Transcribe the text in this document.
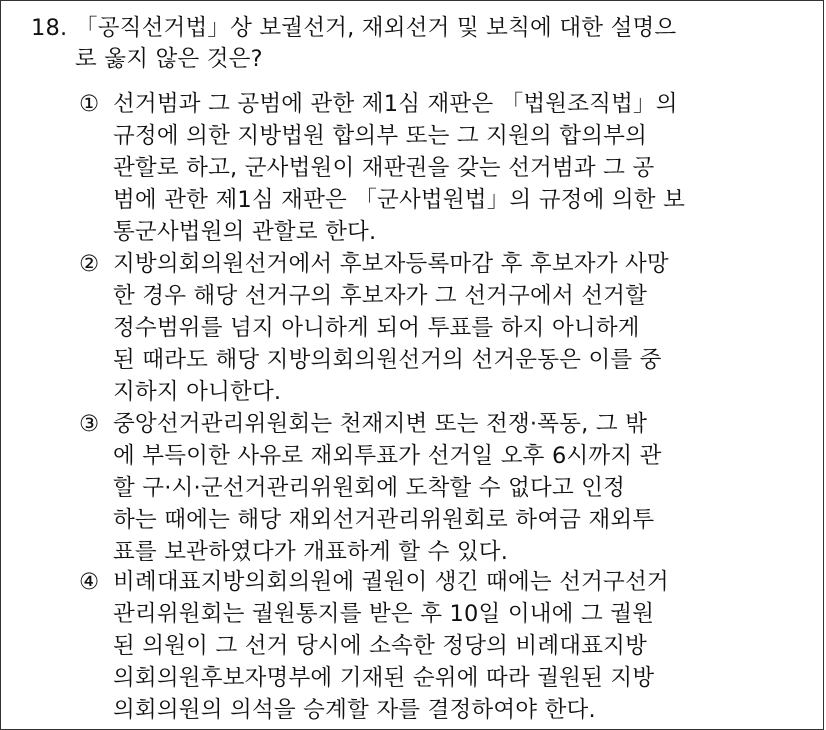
18. 「공직선거법」상 보궐선거, 재외선거 및 보칙에 대한 설명으
로 옳지 않은 것은?
① 선거범과 그 공범에 관한 제1심 재판은 「법원조직법」의
규정에 의한 지방법원 합의부 또는 그 지원의 합의부의
관할로 하고, 군사법원이 재판권을 갖는 선거범과 그 공
범에 관한 제1심 재판은 「군사법원법」의 규정에 의한 보
통군사법원의 관할로 한다.
② 지방의회의원선거에서 후보자등록마감 후 후보자가 사망
한 경우 해당 선거구의 후보자가 그 선거구에서 선거할
정수범위를 넘지 아니하게 되어 투표를 하지 아니하게
된 때라도 해당 지방의회의원선거의 선거운동은 이를 중
지하지 아니한다.
③ 중앙선거관리위원회는 천재지변 또는 전쟁·폭동, 그 밖
에 부득이한 사유로 재외투표가 선거일 오후 6시까지 관
할 구·시·군선거관리위원회에 도착할 수 없다고 인정
하는 때에는 해당 재외선거관리위원회로 하여금 재외투
표를 보관하였다가 개표하게 할 수 있다.
④ 비례대표지방의회의원에 궐원이 생긴 때에는 선거구선거
관리위원회는 궐원통지를 받은 후 10일 이내에 그 궐원
된 의원이 그 선거 당시에 소속한 정당의 비례대표지방
의회의원후보자명부에 기재된 순위에 따라 궐원된 지방
의회의원의 의석을 승계할 자를 결정하여야 한다.
